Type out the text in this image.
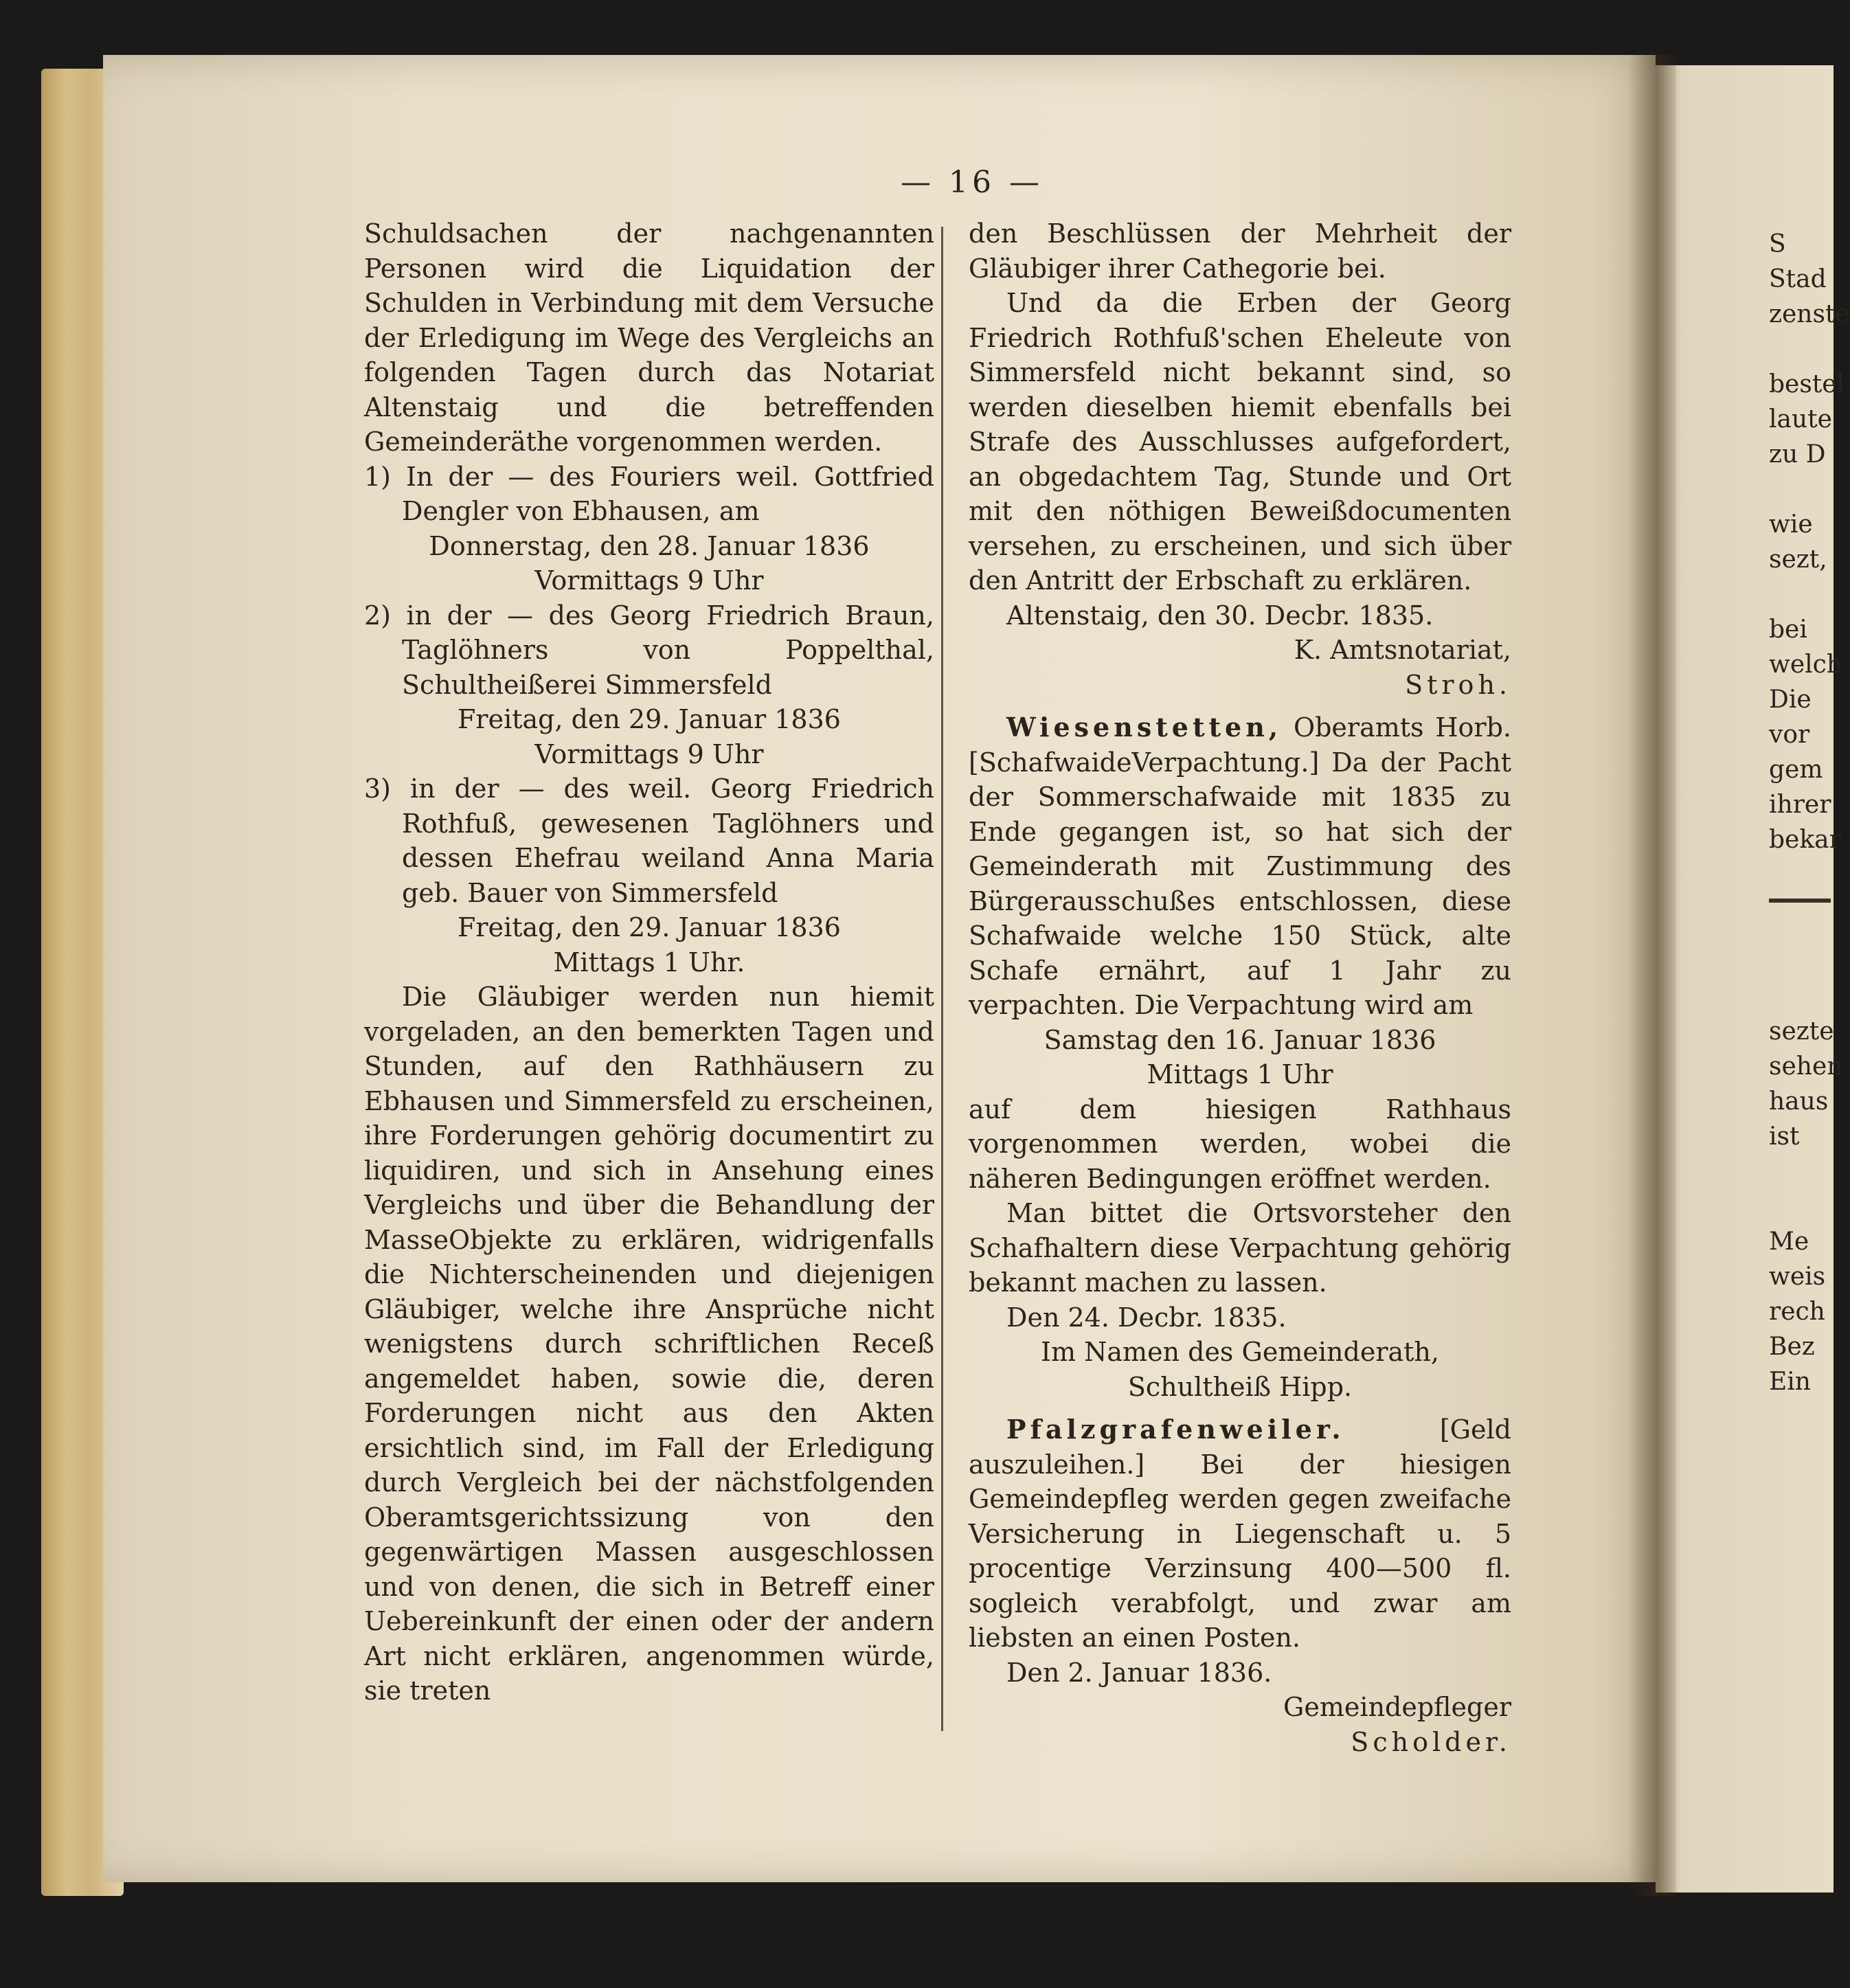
— 16 —

Schuldsachen der nachgenannten Personen wird die Liquidation der Schulden in Verbindung mit dem Versuche der Erledigung im Wege des Vergleichs an folgenden Tagen durch das Notariat Altenstaig und die betreffenden Gemeinderäthe vorgenommen werden.

1) In der — des Fouriers weil. Gottfried Dengler von Ebhausen, am

Donnerstag, den 28. Januar 1836

Vormittags 9 Uhr

2) in der — des Georg Friedrich Braun, Taglöhners von Poppelthal, Schultheißerei Simmersfeld

Freitag, den 29. Januar 1836

Vormittags 9 Uhr

3) in der — des weil. Georg Friedrich Rothfuß, gewesenen Taglöhners und dessen Ehefrau weiland Anna Maria geb. Bauer von Simmersfeld

Freitag, den 29. Januar 1836

Mittags 1 Uhr.

Die Gläubiger werden nun hiemit vorgeladen, an den bemerkten Tagen und Stunden, auf den Rathhäusern zu Ebhausen und Simmersfeld zu erscheinen, ihre Forderungen gehörig documentirt zu liquidiren, und sich in Ansehung eines Vergleichs und über die Behandlung der MasseObjekte zu erklären, widrigenfalls die Nichterscheinenden und diejenigen Gläubiger, welche ihre Ansprüche nicht wenigstens durch schriftlichen Receß angemeldet haben, sowie die, deren Forderungen nicht aus den Akten ersichtlich sind, im Fall der Erledigung durch Vergleich bei der nächstfolgenden Oberamtsgerichtssizung von den gegenwärtigen Massen ausgeschlossen und von denen, die sich in Betreff einer Uebereinkunft der einen oder der andern Art nicht erklären, angenommen würde, sie treten

den Beschlüssen der Mehrheit der Gläubiger ihrer Cathegorie bei.

Und da die Erben der Georg Friedrich Rothfuß'schen Eheleute von Simmersfeld nicht bekannt sind, so werden dieselben hiemit ebenfalls bei Strafe des Ausschlusses aufgefordert, an obgedachtem Tag, Stunde und Ort mit den nöthigen Beweißdocumenten versehen, zu erscheinen, und sich über den Antritt der Erbschaft zu erklären.

Altenstaig, den 30. Decbr. 1835.

K. Amtsnotariat,

Stroh.

Wiesenstetten, Oberamts Horb. [SchafwaideVerpachtung.] Da der Pacht der Sommerschafwaide mit 1835 zu Ende gegangen ist, so hat sich der Gemeinderath mit Zustimmung des Bürgerausschußes entschlossen, diese Schafwaide welche 150 Stück, alte Schafe ernährt, auf 1 Jahr zu verpachten. Die Verpachtung wird am

Samstag den 16. Januar 1836

Mittags 1 Uhr

auf dem hiesigen Rathhaus vorgenommen werden, wobei die näheren Bedingungen eröffnet werden.

Man bittet die Ortsvorsteher den Schafhaltern diese Verpachtung gehörig bekannt machen zu lassen.

Den 24. Decbr. 1835.

Im Namen des Gemeinderath,

Schultheiß Hipp.

Pfalzgrafenweiler.	[Geld auszuleihen.] Bei der hiesigen Gemeindepfleg werden gegen zweifache Versicherung in Liegenschaft u. 5 procentige Verzinsung 400—500 fl. sogleich verabfolgt, und zwar am liebsten an einen Posten.

Den 2. Januar 1836.

Gemeindepfleger

Scholder.

S
Stad
zenste

bestel
laute
zu D

wie
sezt,

bei
welch
Die
vor
gem
ihrer
bekar

sezte
sehen
haus
ist

Me
weis
rech
Bez
Ein
